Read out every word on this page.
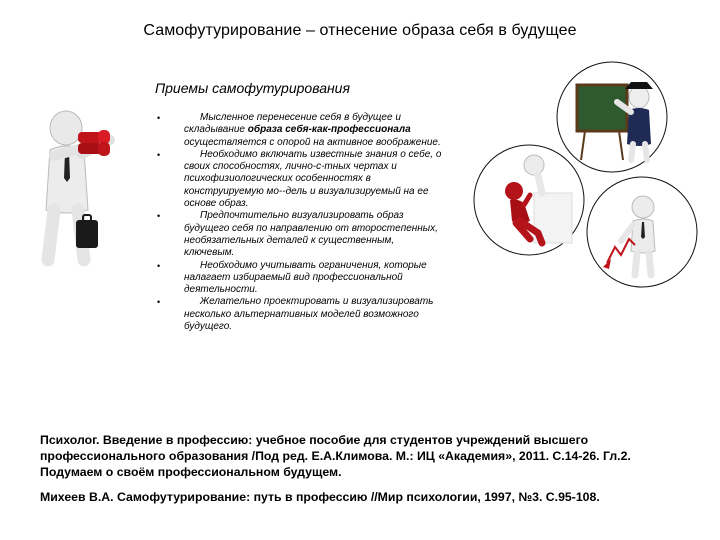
Самофутурирование – отнесение образа себя в будущее
Приемы самофутурирования
•	Мысленное перенесение себя в будущее и складывание образа себя-как-профессионала осуществляется с опорой на активное воображение.
•	Необходимо включать известные знания о себе, о своих способностях, лично-с-тных чертах и психофизиологических особенностях в конструируемую мо--дель и визуализируемый на ее основе образ.
•	Предпочтительно визуализировать образ будущего себя по направлению от второстепенных, необязательных деталей к существенным, ключевым.
•	Необходимо учитывать ограничения, которые налагает избираемый вид профессиональной деятельности.
•	Желательно проектировать и визуализировать несколько альтернативных моделей возможного будущего.
Психолог. Введение в профессию: учебное пособие для студентов учреждений высшего профессионального образования /Под ред. Е.А.Климова. М.: ИЦ «Академия», 2011. С.14-26. Гл.2. Подумаем о своём профессиональном будущем.
Михеев В.А. Самофутурирование: путь в профессию //Мир психологии, 1997, №3. С.95-108.
